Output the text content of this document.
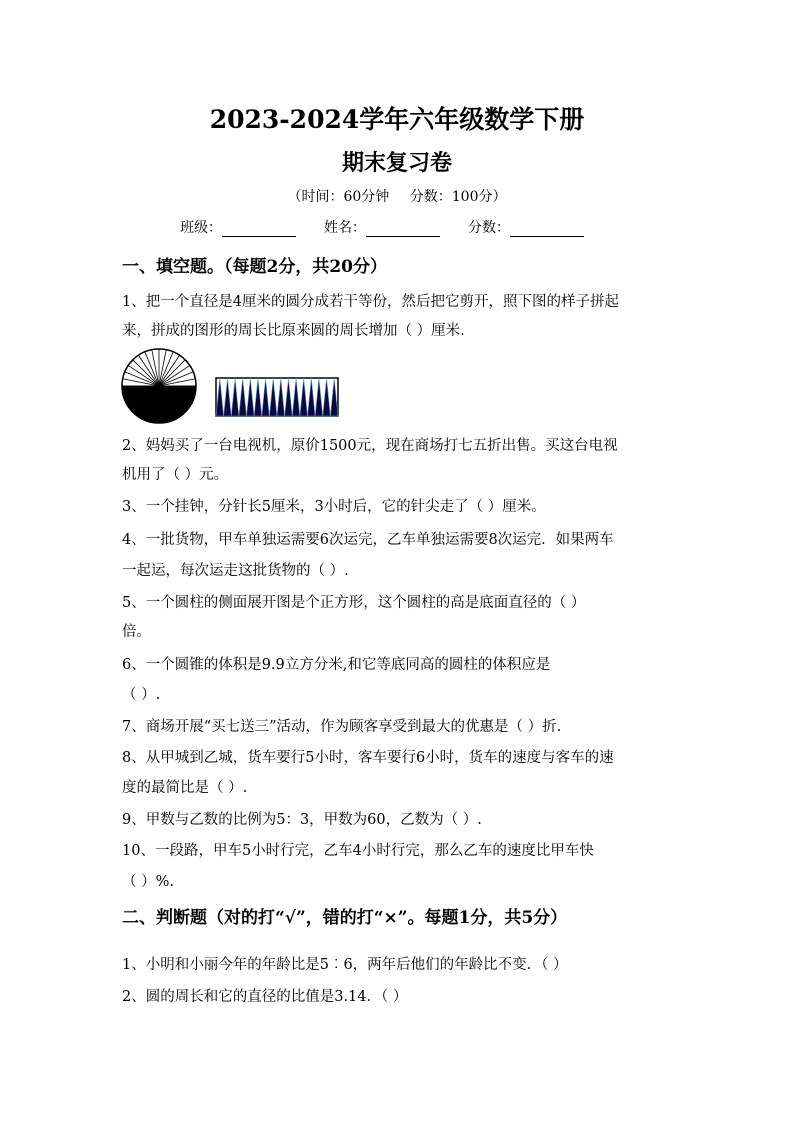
2023-2024学年六年级数学下册
期末复习卷
（时间：60分钟 分数：100分）
班级：	姓名：	分数：
一、填空题。（每题2分，共20分）
1、把一个直径是4厘米的圆分成若干等份，然后把它剪开，照下图的样子拼起
来，拼成的图形的周长比原来圆的周长增加（ ）厘米.
2、妈妈买了一台电视机，原价1500元，现在商场打七五折出售。买这台电视
机用了（ ）元。
3、一个挂钟，分针长5厘米，3小时后，它的针尖走了（ ）厘米。
4、一批货物，甲车单独运需要6次运完，乙车单独运需要8次运完．如果两车
一起运，每次运走这批货物的（ ）.
5、一个圆柱的侧面展开图是个正方形，这个圆柱的高是底面直径的（ ）
倍。
6、一个圆锥的体积是9.9立方分米,和它等底同高的圆柱的体积应是
（ ）.
7、商场开展“买七送三”活动，作为顾客享受到最大的优惠是（ ）折.
8、从甲城到乙城，货车要行5小时，客车要行6小时，货车的速度与客车的速
度的最简比是（ ）.
9、甲数与乙数的比例为5：3，甲数为60，乙数为（ ）.
10、一段路，甲车5小时行完，乙车4小时行完，那么乙车的速度比甲车快
（ ）%.
二、判断题（对的打“√”，错的打“×”。每题1分，共5分）
1、小明和小丽今年的年龄比是5︰6，两年后他们的年龄比不变．（ ）
2、圆的周长和它的直径的比值是3.14．（ ）
